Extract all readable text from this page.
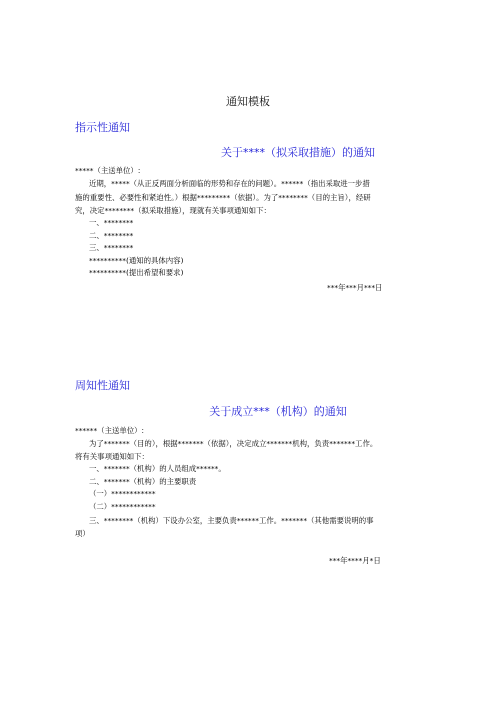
通知模板
指示性通知
关于****（拟采取措施）的通知
*****（主送单位）:
近期，*****（从正反两面分析面临的形势和存在的问题）。******（指出采取进一步措
施的重要性、必要性和紧迫性。）根据*********（依据）。为了********（目的主旨），经研
究，决定********（拟采取措施），现就有关事项通知如下：
一、********
二、********
三、********
**********(通知的具体内容)
**********(提出希望和要求)
***年***月***日
周知性通知
关于成立***（机构）的通知
******（主送单位）:
为了*******（目的），根据*******（依据），决定成立*******机构，负责*******工作。
将有关事项通知如下：
一、*******（机构）的人员组成******。
二、*******（机构）的主要职责
（一）************
（二）************
三、********（机构）下设办公室，主要负责******工作。*******（其他需要说明的事
项）
***年****月*日
